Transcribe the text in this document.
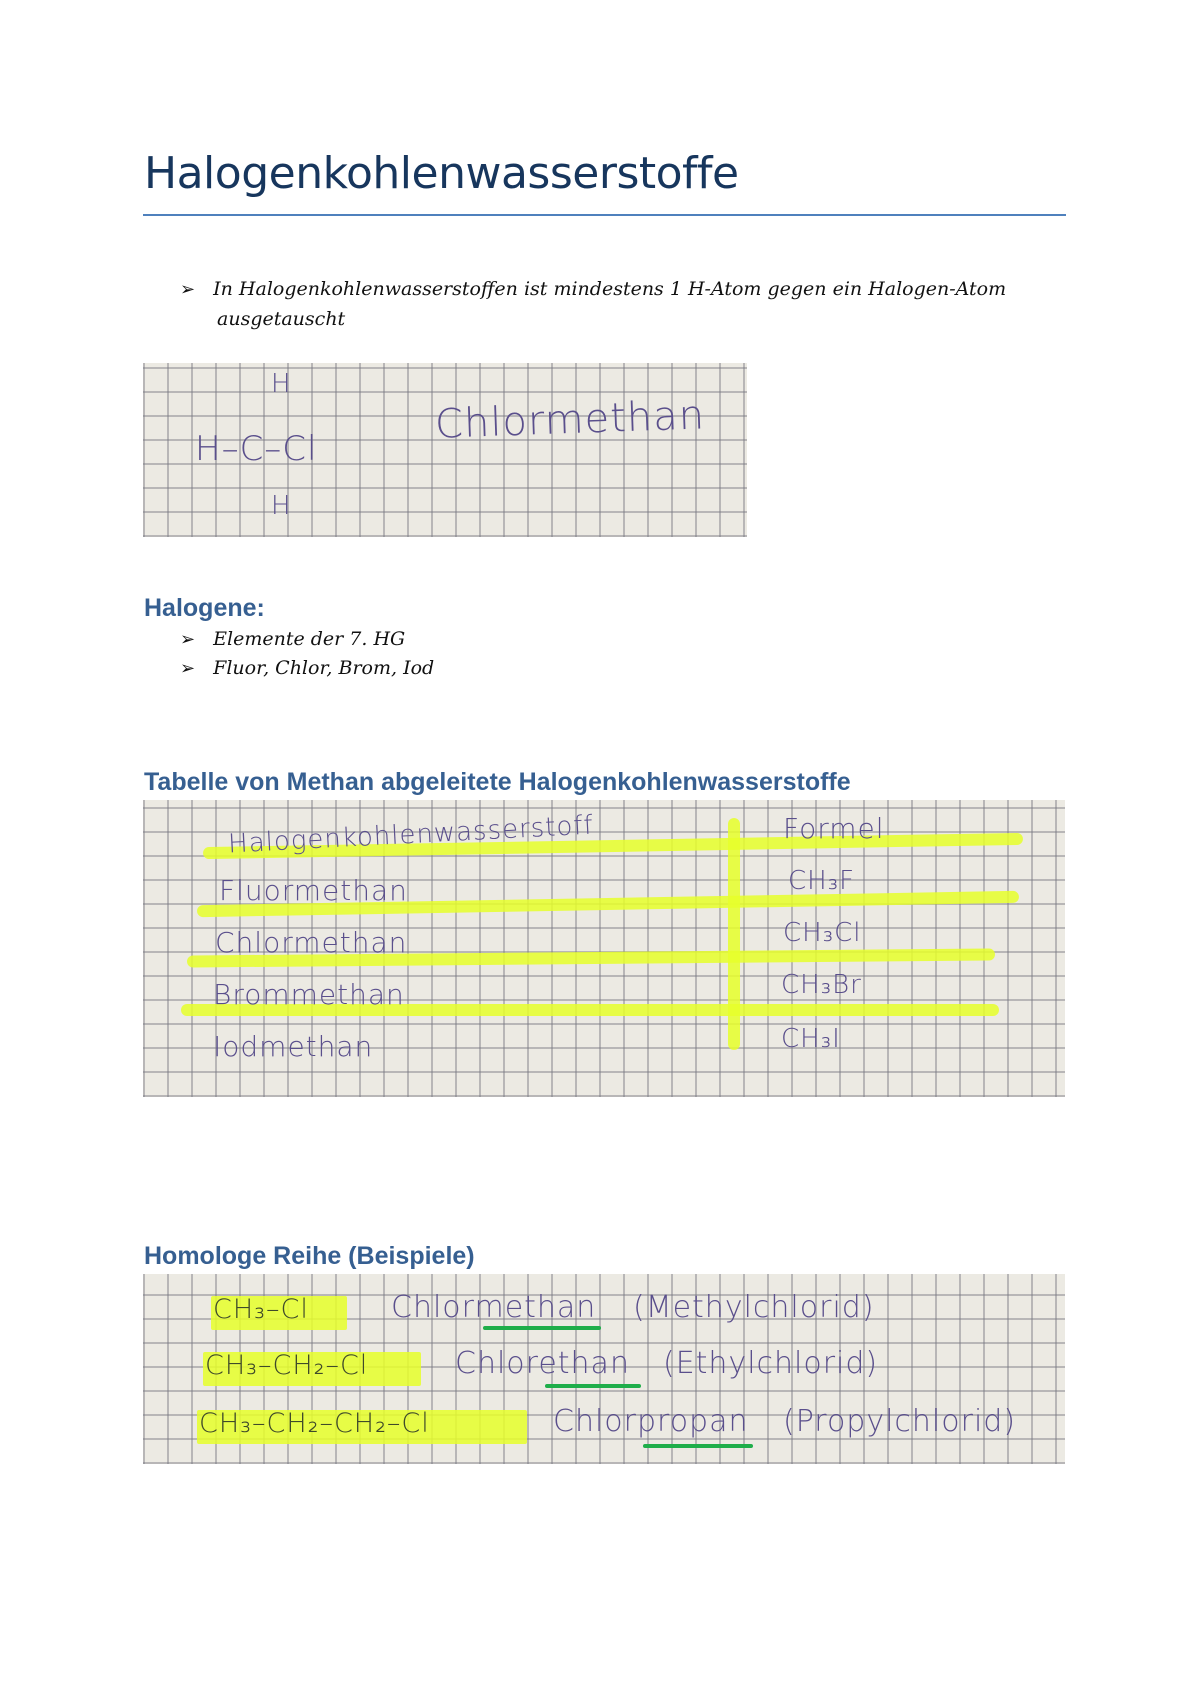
Halogenkohlenwasserstoffe
➢ In Halogenkohlenwasserstoffen ist mindestens 1 H-Atom gegen ein Halogen-Atom
ausgetauscht
H
H–C–Cl
H
Chlormethan
Halogene:
➢ Elemente der 7. HG
➢ Fluor, Chlor, Brom, Iod
Tabelle von Methan abgeleitete Halogenkohlenwasserstoffe
Halogenkohlenwasserstoff	Formel
Fluormethan	CH₃F
Chlormethan	CH₃Cl
Brommethan	CH₃Br
Iodmethan	CH₃I
Homologe Reihe (Beispiele)
CH₃–Cl	Chlormethan (Methylchlorid)
CH₃–CH₂–Cl	Chlorethan (Ethylchlorid)
CH₃–CH₂–CH₂–Cl	Chlorpropan (Propylchlorid)
